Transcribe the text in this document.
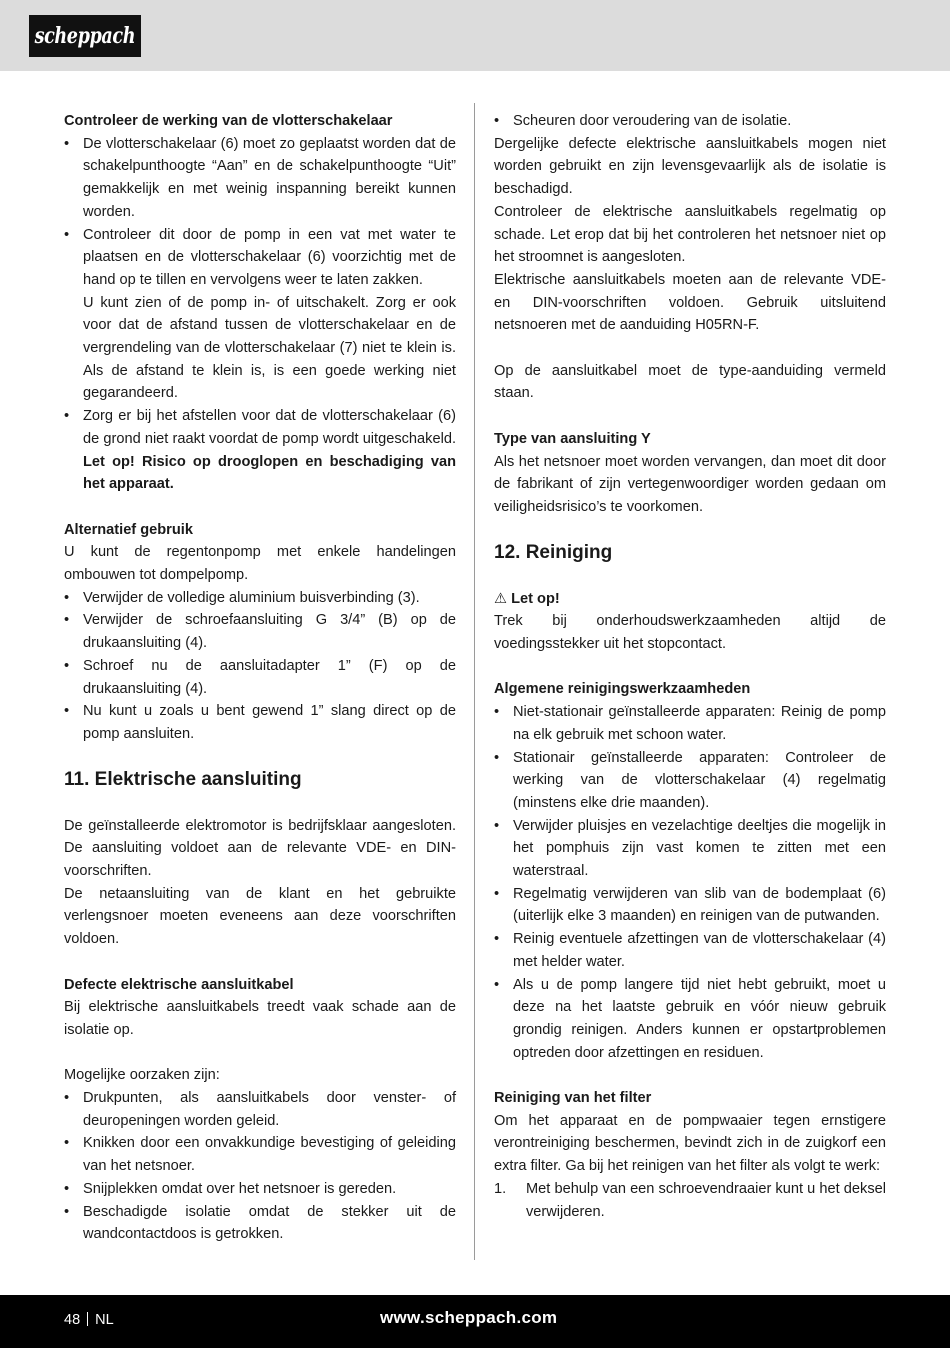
scheppach

Controleer de werking van de vlotterschakelaar

• De vlotterschakelaar (6) moet zo geplaatst worden dat de schakelpunthoogte “Aan” en de schakelpunthoogte “Uit” gemakkelijk en met weinig inspanning bereikt kunnen worden.

• Controleer dit door de pomp in een vat met water te plaatsen en de vlotterschakelaar (6) voorzichtig met de hand op te tillen en vervolgens weer te laten zakken.

U kunt zien of de pomp in- of uitschakelt. Zorg er ook voor dat de afstand tussen de vlotterschakelaar en de vergrendeling van de vlotterschakelaar (7) niet te klein is. Als de afstand te klein is, is een goede werking niet gegarandeerd.

• Zorg er bij het afstellen voor dat de vlotterschakelaar (6) de grond niet raakt voordat de pomp wordt uitgeschakeld. Let op! Risico op drooglopen en beschadiging van het apparaat.

Alternatief gebruik

U kunt de regentonpomp met enkele handelingen ombouwen tot dompelpomp.

• Verwijder de volledige aluminium buisverbinding (3).

• Verwijder de schroefaansluiting G 3/4” (B) op de drukaansluiting (4).

• Schroef nu de aansluitadapter 1” (F) op de drukaansluiting (4).

• Nu kunt u zoals u bent gewend 1” slang direct op de pomp aansluiten.

11. Elektrische aansluiting

De geïnstalleerde elektromotor is bedrijfsklaar aangesloten. De aansluiting voldoet aan de relevante VDE- en DIN-voorschriften.

De netaansluiting van de klant en het gebruikte verlengsnoer moeten eveneens aan deze voorschriften voldoen.

Defecte elektrische aansluitkabel

Bij elektrische aansluitkabels treedt vaak schade aan de isolatie op.

Mogelijke oorzaken zijn:

• Drukpunten, als aansluitkabels door venster- of deuropeningen worden geleid.

• Knikken door een onvakkundige bevestiging of geleiding van het netsnoer.

• Snijplekken omdat over het netsnoer is gereden.

• Beschadigde isolatie omdat de stekker uit de wandcontactdoos is getrokken.

• Scheuren door veroudering van de isolatie.

Dergelijke defecte elektrische aansluitkabels mogen niet worden gebruikt en zijn levensgevaarlijk als de isolatie is beschadigd.

Controleer de elektrische aansluitkabels regelmatig op schade. Let erop dat bij het controleren het netsnoer niet op het stroomnet is aangesloten.

Elektrische aansluitkabels moeten aan de relevante VDE- en DIN-voorschriften voldoen. Gebruik uitsluitend netsnoeren met de aanduiding H05RN-F.

Op de aansluitkabel moet de type-aanduiding vermeld staan.

Type van aansluiting Y

Als het netsnoer moet worden vervangen, dan moet dit door de fabrikant of zijn vertegenwoordiger worden gedaan om veiligheidsrisico’s te voorkomen.

12. Reiniging

⚠ Let op!

Trek bij onderhoudswerkzaamheden altijd de voedingsstekker uit het stopcontact.

Algemene reinigingswerkzaamheden

• Niet-stationair geïnstalleerde apparaten: Reinig de pomp na elk gebruik met schoon water.

• Stationair geïnstalleerde apparaten: Controleer de werking van de vlotterschakelaar (4) regelmatig (minstens elke drie maanden).

• Verwijder pluisjes en vezelachtige deeltjes die mogelijk in het pomphuis zijn vast komen te zitten met een waterstraal.

• Regelmatig verwijderen van slib van de bodemplaat (6) (uiterlijk elke 3 maanden) en reinigen van de putwanden.

• Reinig eventuele afzettingen van de vlotterschakelaar (4) met helder water.

• Als u de pomp langere tijd niet hebt gebruikt, moet u deze na het laatste gebruik en vóór nieuw gebruik grondig reinigen. Anders kunnen er opstartproblemen optreden door afzettingen en residuen.

Reiniging van het filter

Om het apparaat en de pompwaaier tegen ernstigere verontreiniging beschermen, bevindt zich in de zuigkorf een extra filter. Ga bij het reinigen van het filter als volgt te werk:

1. Met behulp van een schroevendraaier kunt u het deksel verwijderen.

48 NL	www.scheppach.com
